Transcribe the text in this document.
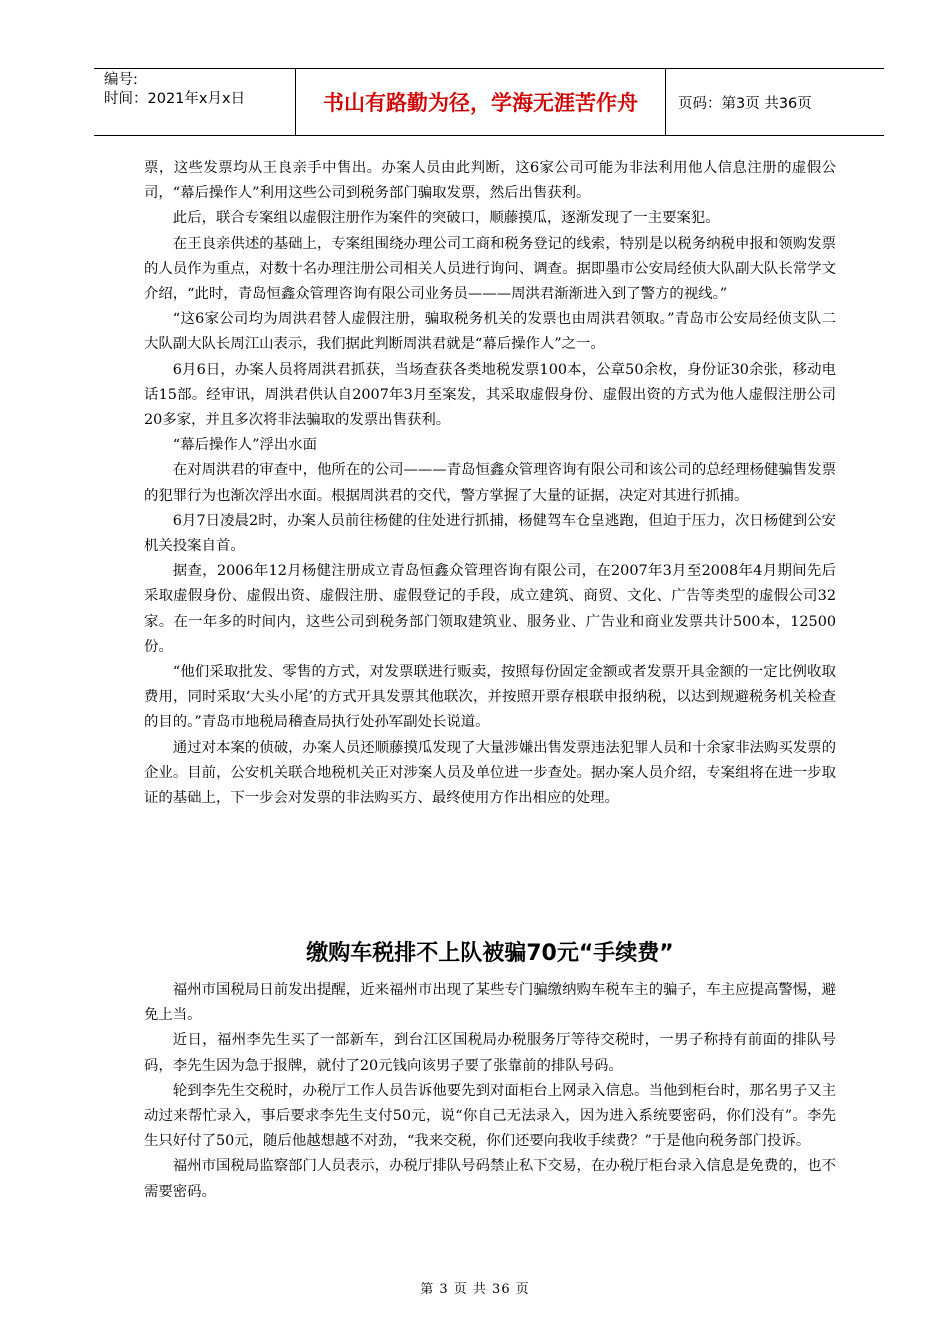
编号:
时间：2021年x月x日	书山有路勤为径，学海无涯苦作舟	页码：第3页 共36页

票，这些发票均从王良亲手中售出。办案人员由此判断，这6家公司可能为非法利用他人信息注册的虚假公司，“幕后操作人”利用这些公司到税务部门骗取发票，然后出售获利。

此后，联合专案组以虚假注册作为案件的突破口，顺藤摸瓜，逐渐发现了一主要案犯。

在王良亲供述的基础上，专案组围绕办理公司工商和税务登记的线索，特别是以税务纳税申报和领购发票的人员作为重点，对数十名办理注册公司相关人员进行询问、调查。据即墨市公安局经侦大队副大队长常学文介绍，“此时，青岛恒鑫众管理咨询有限公司业务员———周洪君渐渐进入到了警方的视线。”

“这6家公司均为周洪君替人虚假注册，骗取税务机关的发票也由周洪君领取。”青岛市公安局经侦支队二大队副大队长周江山表示，我们据此判断周洪君就是“幕后操作人”之一。

6月6日，办案人员将周洪君抓获，当场查获各类地税发票100本，公章50余枚，身份证30余张，移动电话15部。经审讯，周洪君供认自2007年3月至案发，其采取虚假身份、虚假出资的方式为他人虚假注册公司20多家，并且多次将非法骗取的发票出售获利。

“幕后操作人”浮出水面

在对周洪君的审查中，他所在的公司———青岛恒鑫众管理咨询有限公司和该公司的总经理杨健骗售发票的犯罪行为也渐次浮出水面。根据周洪君的交代，警方掌握了大量的证据，决定对其进行抓捕。

6月7日凌晨2时，办案人员前往杨健的住处进行抓捕，杨健驾车仓皇逃跑，但迫于压力，次日杨健到公安机关投案自首。

据查，2006年12月杨健注册成立青岛恒鑫众管理咨询有限公司，在2007年3月至2008年4月期间先后采取虚假身份、虚假出资、虚假注册、虚假登记的手段，成立建筑、商贸、文化、广告等类型的虚假公司32家。在一年多的时间内，这些公司到税务部门领取建筑业、服务业、广告业和商业发票共计500本，12500份。

“他们采取批发、零售的方式，对发票联进行贩卖，按照每份固定金额或者发票开具金额的一定比例收取费用，同时采取‘大头小尾’的方式开具发票其他联次，并按照开票存根联申报纳税，以达到规避税务机关检查的目的。”青岛市地税局稽查局执行处孙军副处长说道。

通过对本案的侦破，办案人员还顺藤摸瓜发现了大量涉嫌出售发票违法犯罪人员和十余家非法购买发票的企业。目前，公安机关联合地税机关正对涉案人员及单位进一步查处。据办案人员介绍，专案组将在进一步取证的基础上，下一步会对发票的非法购买方、最终使用方作出相应的处理。

缴购车税排不上队被骗70元“手续费”

福州市国税局日前发出提醒，近来福州市出现了某些专门骗缴纳购车税车主的骗子，车主应提高警惕，避免上当。

近日，福州李先生买了一部新车，到台江区国税局办税服务厅等待交税时，一男子称持有前面的排队号码，李先生因为急于报牌，就付了20元钱向该男子要了张靠前的排队号码。

轮到李先生交税时，办税厅工作人员告诉他要先到对面柜台上网录入信息。当他到柜台时，那名男子又主动过来帮忙录入，事后要求李先生支付50元，说“你自己无法录入，因为进入系统要密码，你们没有”。李先生只好付了50元，随后他越想越不对劲，“我来交税，你们还要向我收手续费？”于是他向税务部门投诉。

福州市国税局监察部门人员表示，办税厅排队号码禁止私下交易，在办税厅柜台录入信息是免费的，也不需要密码。

第 3 页 共 36 页
